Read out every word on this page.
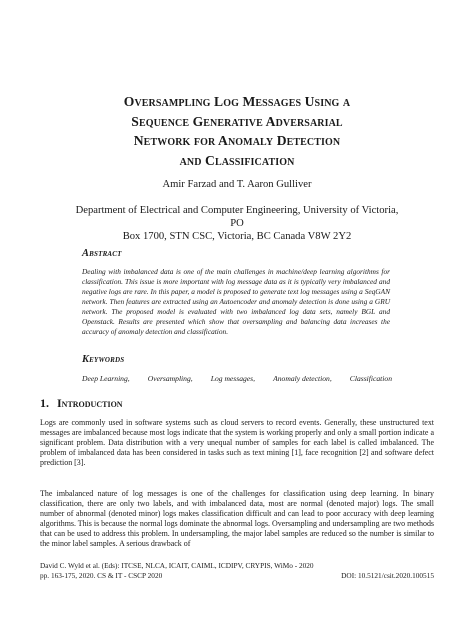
Oversampling Log Messages Using a
Sequence Generative Adversarial
Network for Anomaly Detection
and Classification
Amir Farzad and T. Aaron Gulliver
Department of Electrical and Computer Engineering, University of Victoria, PO
Box 1700, STN CSC, Victoria, BC Canada V8W 2Y2
Abstract
Dealing with imbalanced data is one of the main challenges in machine/deep learning algorithms for classification. This issue is more important with log message data as it is typically very imbalanced and negative logs are rare. In this paper, a model is proposed to generate text log messages using a SeqGAN network. Then features are extracted using an Autoencoder and anomaly detection is done using a GRU network. The proposed model is evaluated with two imbalanced log data sets, namely BGL and Openstack. Results are presented which show that oversampling and balancing data increases the accuracy of anomaly detection and classification.
Keywords
Deep Learning, Oversampling, Log messages, Anomaly detection, Classification
1. Introduction
Logs are commonly used in software systems such as cloud servers to record events. Generally, these unstructured text messages are imbalanced because most logs indicate that the system is working properly and only a small portion indicate a significant problem. Data distribution with a very unequal number of samples for each label is called imbalanced. The problem of imbalanced data has been considered in tasks such as text mining [1], face recognition [2] and software defect prediction [3].
The imbalanced nature of log messages is one of the challenges for classification using deep learning. In binary classification, there are only two labels, and with imbalanced data, most are normal (denoted major) logs. The small number of abnormal (denoted minor) logs makes classification difficult and can lead to poor accuracy with deep learning algorithms. This is because the normal logs dominate the abnormal logs. Oversampling and undersampling are two methods that can be used to address this problem. In undersampling, the major label samples are reduced so the number is similar to the minor label samples. A serious drawback of
David C. Wyld et al. (Eds): ITCSE, NLCA, ICAIT, CAIML, ICDIPV, CRYPIS, WiMo - 2020
pp. 163-175, 2020. CS & IT - CSCP 2020	DOI: 10.5121/csit.2020.100515
